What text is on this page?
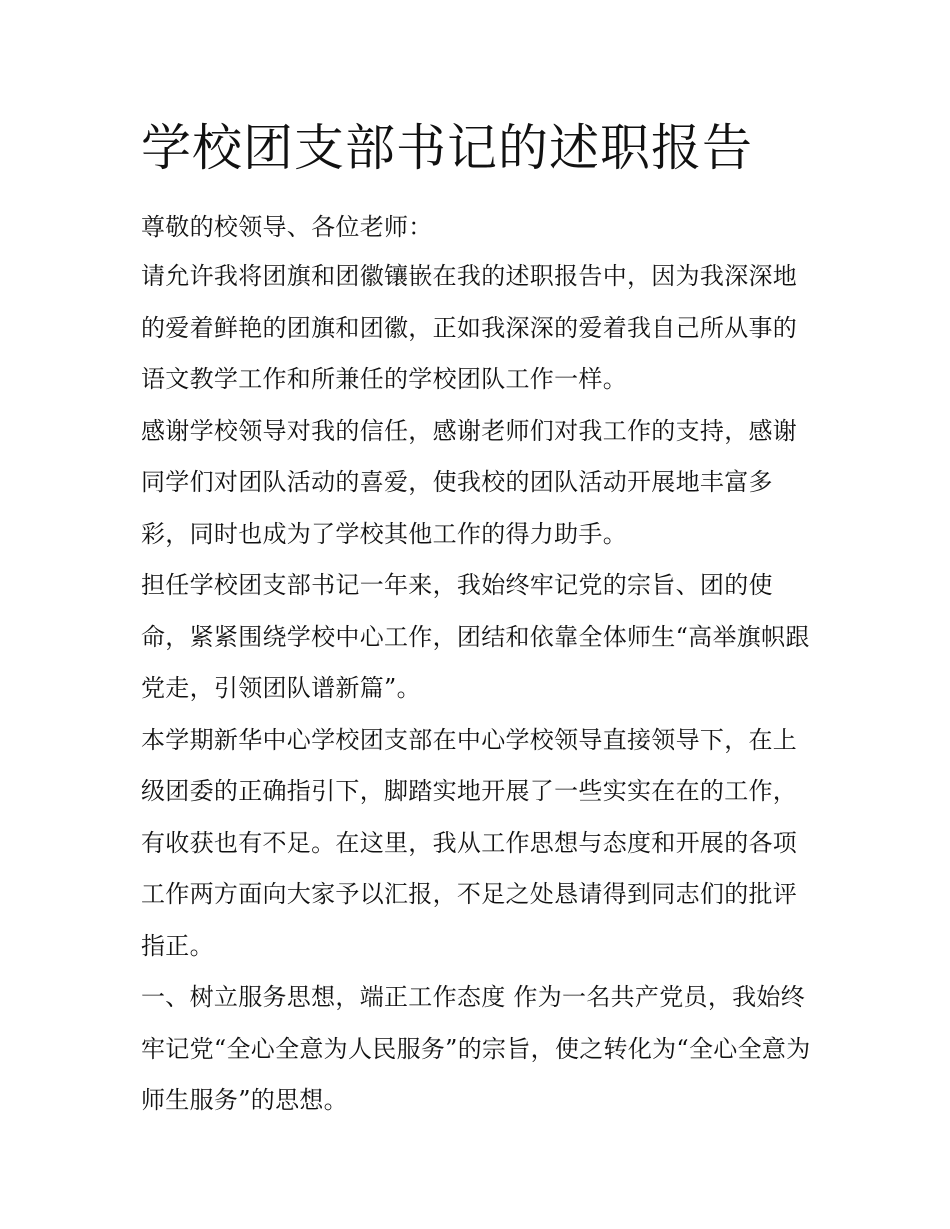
学校团支部书记的述职报告

尊敬的校领导、各位老师：

请允许我将团旗和团徽镶嵌在我的述职报告中，因为我深深地的爱着鲜艳的团旗和团徽，正如我深深的爱着我自己所从事的语文教学工作和所兼任的学校团队工作一样。

感谢学校领导对我的信任，感谢老师们对我工作的支持，感谢同学们对团队活动的喜爱，使我校的团队活动开展地丰富多彩，同时也成为了学校其他工作的得力助手。

担任学校团支部书记一年来，我始终牢记党的宗旨、团的使命，紧紧围绕学校中心工作，团结和依靠全体师生“高举旗帜跟党走，引领团队谱新篇”。

本学期新华中心学校团支部在中心学校领导直接领导下，在上级团委的正确指引下，脚踏实地开展了一些实实在在的工作，有收获也有不足。在这里，我从工作思想与态度和开展的各项工作两方面向大家予以汇报，不足之处恳请得到同志们的批评指正。

一、树立服务思想，端正工作态度 作为一名共产党员，我始终牢记党“全心全意为人民服务”的宗旨，使之转化为“全心全意为师生服务”的思想。
